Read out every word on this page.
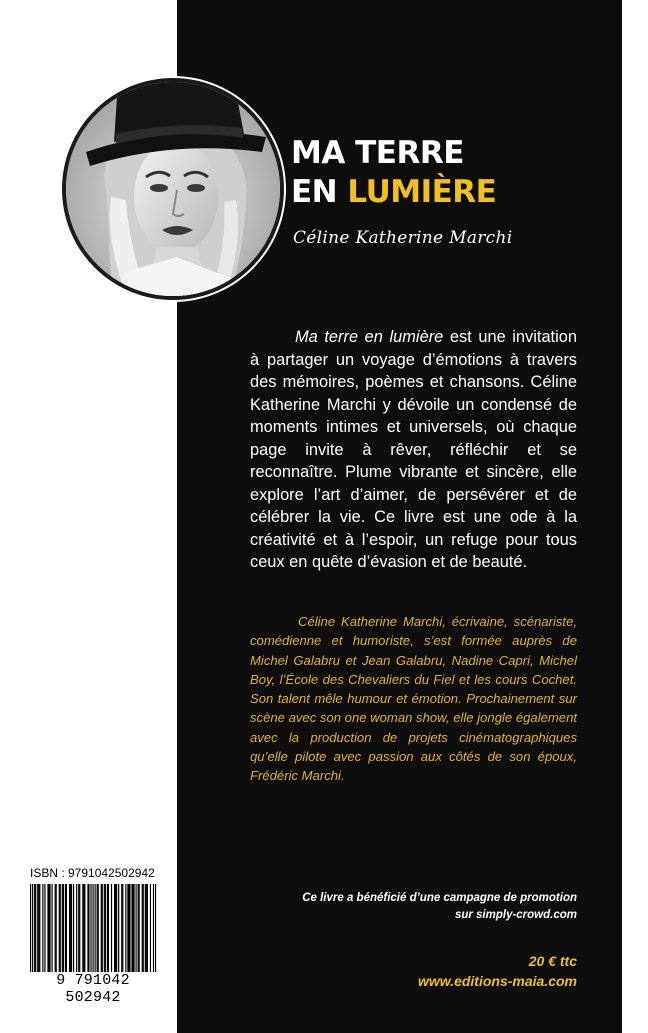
MA TERRE
EN LUMIÈRE
Céline Katherine Marchi
Ma terre en lumière est une invitation à partager un voyage d’émotions à travers des mémoires, poèmes et chansons. Céline Katherine Marchi y dévoile un condensé de moments intimes et universels, où chaque page invite à rêver, réfléchir et se reconnaître. Plume vibrante et sincère, elle explore l’art d’aimer, de persévérer et de célébrer la vie. Ce livre est une ode à la créativité et à l’espoir, un refuge pour tous ceux en quête d’évasion et de beauté.
Céline Katherine Marchi, écrivaine, scénariste, comédienne et humoriste, s’est formée auprès de Michel Galabru et Jean Galabru, Nadine Capri, Michel Boy, l’École des Chevaliers du Fiel et les cours Cochet. Son talent mêle humour et émotion. Prochainement sur scène avec son one woman show, elle jongle également avec la production de projets cinématographiques qu’elle pilote avec passion aux côtés de son époux, Frédéric Marchi.
Ce livre a bénéficié d’une campagne de promotion
sur simply-crowd.com
20 € ttc
www.editions-maia.com
ISBN : 9791042502942
9 791042 502942
